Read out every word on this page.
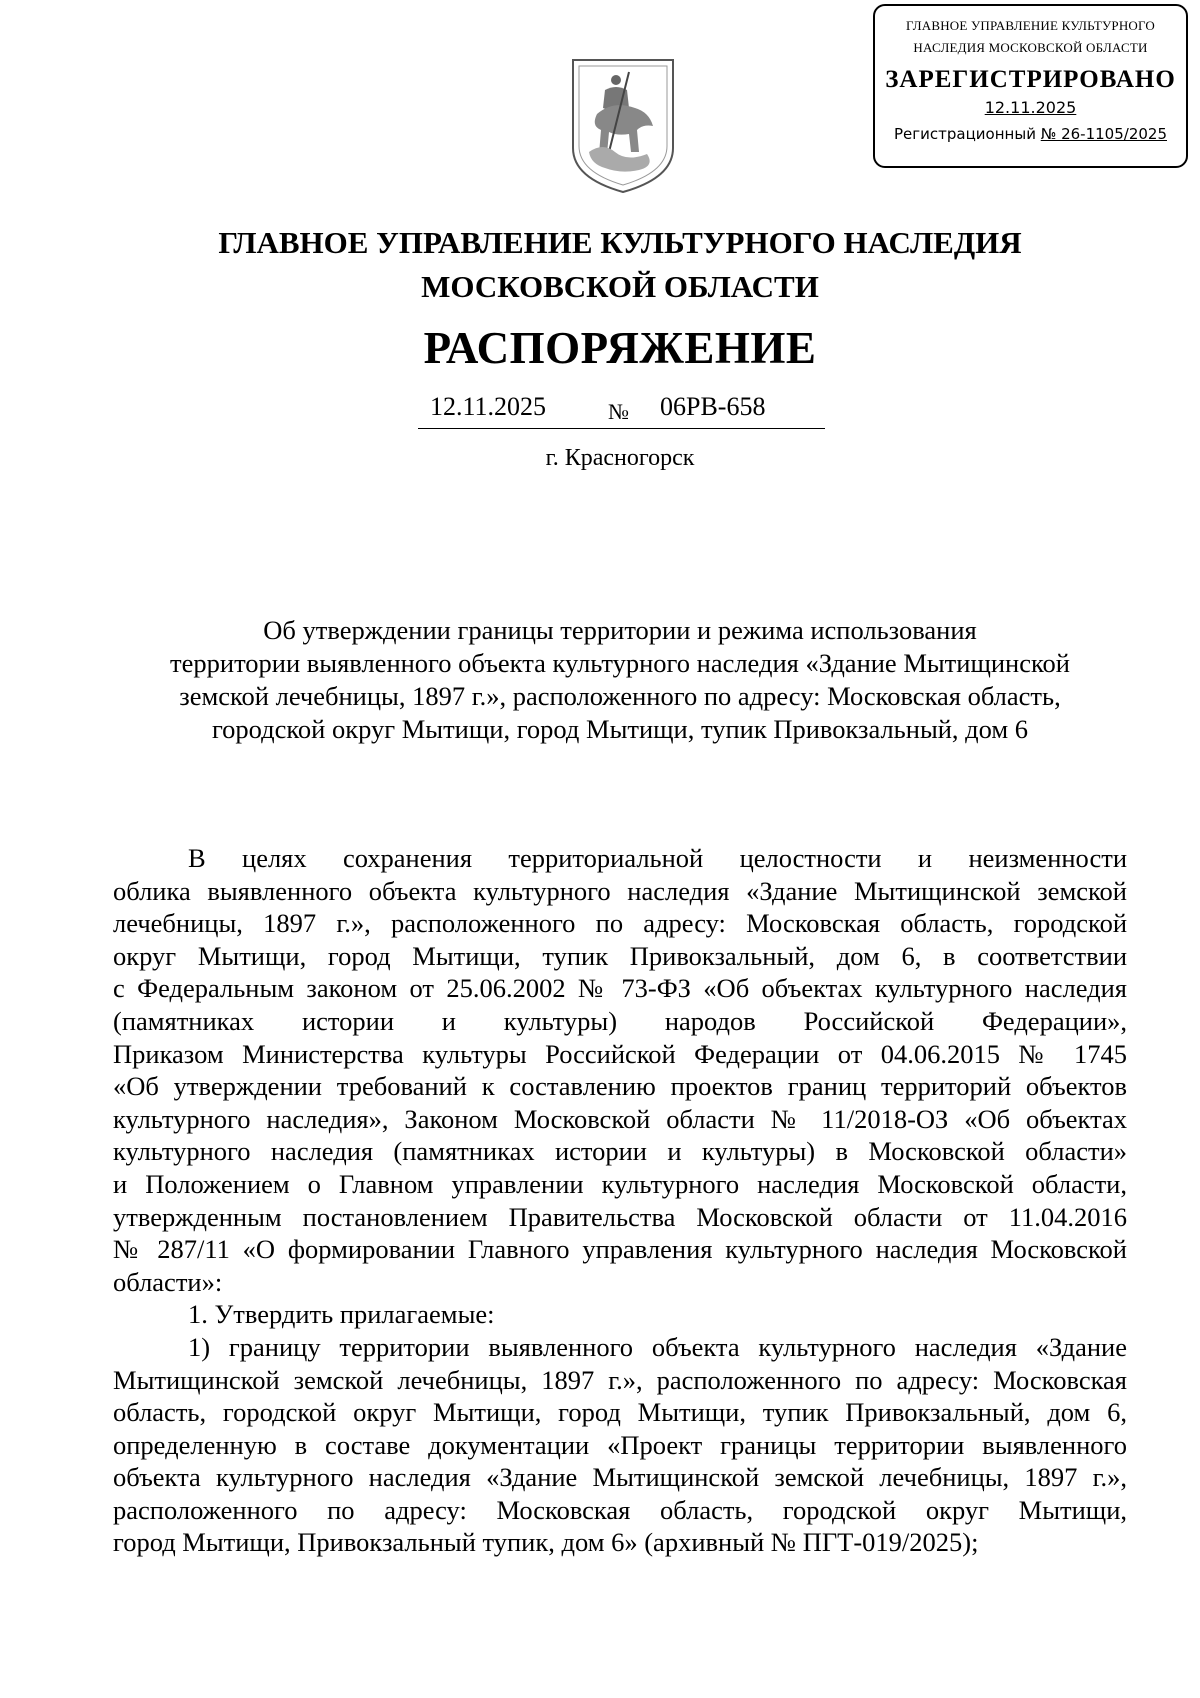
ГЛАВНОЕ УПРАВЛЕНИЕ КУЛЬТУРНОГО
НАСЛЕДИЯ МОСКОВСКОЙ ОБЛАСТИ
ЗАРЕГИСТРИРОВАНО
12.11.2025
Регистрационный № 26-1105/2025
ГЛАВНОЕ УПРАВЛЕНИЕ КУЛЬТУРНОГО НАСЛЕДИЯ
МОСКОВСКОЙ ОБЛАСТИ
РАСПОРЯЖЕНИЕ
12.11.2025	№ 06РВ-658
г. Красногорск
Об утверждении границы территории и режима использования
территории выявленного объекта культурного наследия «Здание Мытищинской
земской лечебницы, 1897 г.», расположенного по адресу: Московская область,
городской округ Мытищи, город Мытищи, тупик Привокзальный, дом 6
В целях сохранения территориальной целостности и неизменности
облика выявленного объекта культурного наследия «Здание Мытищинской земской
лечебницы, 1897 г.», расположенного по адресу: Московская область, городской
округ Мытищи, город Мытищи, тупик Привокзальный, дом 6, в соответствии
с Федеральным законом от 25.06.2002 № 73-ФЗ «Об объектах культурного наследия
(памятниках истории и культуры) народов Российской Федерации»,
Приказом Министерства культуры Российской Федерации от 04.06.2015 № 1745
«Об утверждении требований к составлению проектов границ территорий объектов
культурного наследия», Законом Московской области № 11/2018-ОЗ «Об объектах
культурного наследия (памятниках истории и культуры) в Московской области»
и Положением о Главном управлении культурного наследия Московской области,
утвержденным постановлением Правительства Московской области от 11.04.2016
№ 287/11 «О формировании Главного управления культурного наследия Московской
области»:
1. Утвердить прилагаемые:
1) границу территории выявленного объекта культурного наследия «Здание
Мытищинской земской лечебницы, 1897 г.», расположенного по адресу: Московская
область, городской округ Мытищи, город Мытищи, тупик Привокзальный, дом 6,
определенную в составе документации «Проект границы территории выявленного
объекта культурного наследия «Здание Мытищинской земской лечебницы, 1897 г.»,
расположенного по адресу: Московская область, городской округ Мытищи,
город Мытищи, Привокзальный тупик, дом 6» (архивный № ПГТ-019/2025);
